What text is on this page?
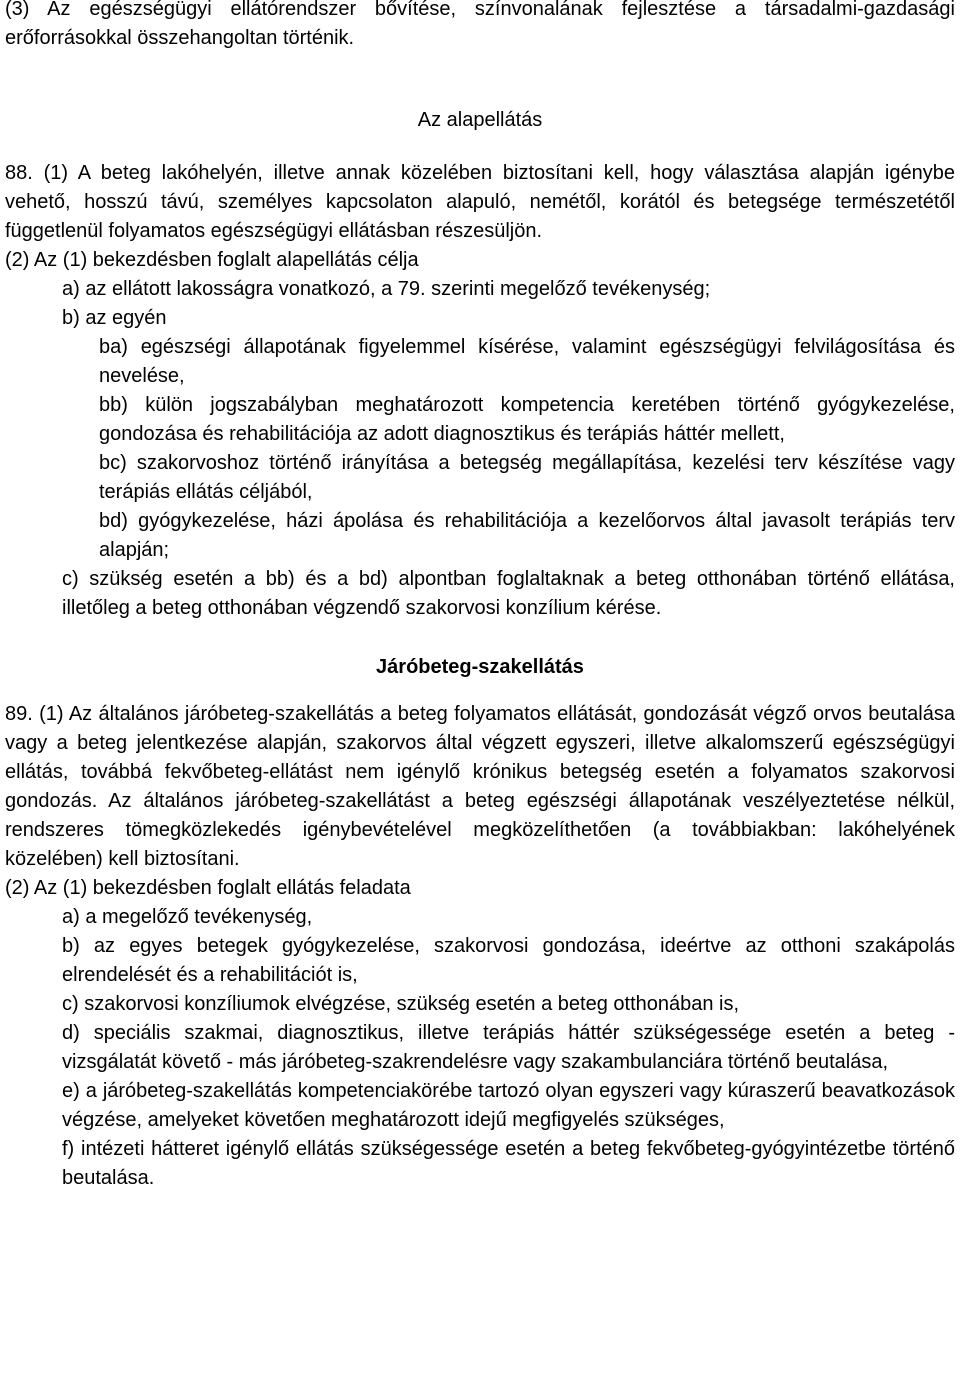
(3) Az egészségügyi ellátórendszer bővítése, színvonalának fejlesztése a társadalmi-gazdasági erőforrásokkal összehangoltan történik.

Az alapellátás

88. (1) A beteg lakóhelyén, illetve annak közelében biztosítani kell, hogy választása alapján igénybe vehető, hosszú távú, személyes kapcsolaton alapuló, nemétől, korától és betegsége természetétől függetlenül folyamatos egészségügyi ellátásban részesüljön.

(2) Az (1) bekezdésben foglalt alapellátás célja

a) az ellátott lakosságra vonatkozó, a 79. szerinti megelőző tevékenység;

b) az egyén

ba) egészségi állapotának figyelemmel kísérése, valamint egészségügyi felvilágosítása és nevelése,

bb) külön jogszabályban meghatározott kompetencia keretében történő gyógykezelése, gondozása és rehabilitációja az adott diagnosztikus és terápiás háttér mellett,

bc) szakorvoshoz történő irányítása a betegség megállapítása, kezelési terv készítése vagy terápiás ellátás céljából,

bd) gyógykezelése, házi ápolása és rehabilitációja a kezelőorvos által javasolt terápiás terv alapján;

c) szükség esetén a bb) és a bd) alpontban foglaltaknak a beteg otthonában történő ellátása, illetőleg a beteg otthonában végzendő szakorvosi konzílium kérése.

Járóbeteg-szakellátás

89. (1) Az általános járóbeteg-szakellátás a beteg folyamatos ellátását, gondozását végző orvos beutalása vagy a beteg jelentkezése alapján, szakorvos által végzett egyszeri, illetve alkalomszerű egészségügyi ellátás, továbbá fekvőbeteg-ellátást nem igénylő krónikus betegség esetén a folyamatos szakorvosi gondozás. Az általános járóbeteg-szakellátást a beteg egészségi állapotának veszélyeztetése nélkül, rendszeres tömegközlekedés igénybevételével megközelíthetően (a továbbiakban: lakóhelyének közelében) kell biztosítani.

(2) Az (1) bekezdésben foglalt ellátás feladata

a) a megelőző tevékenység,

b) az egyes betegek gyógykezelése, szakorvosi gondozása, ideértve az otthoni szakápolás elrendelését és a rehabilitációt is,

c) szakorvosi konzíliumok elvégzése, szükség esetén a beteg otthonában is,

d) speciális szakmai, diagnosztikus, illetve terápiás háttér szükségessége esetén a beteg - vizsgálatát követő - más járóbeteg-szakrendelésre vagy szakambulanciára történő beutalása,

e) a járóbeteg-szakellátás kompetenciakörébe tartozó olyan egyszeri vagy kúraszerű beavatkozások végzése, amelyeket követően meghatározott idejű megfigyelés szükséges,

f) intézeti hátteret igénylő ellátás szükségessége esetén a beteg fekvőbeteg-gyógyintézetbe történő beutalása.
